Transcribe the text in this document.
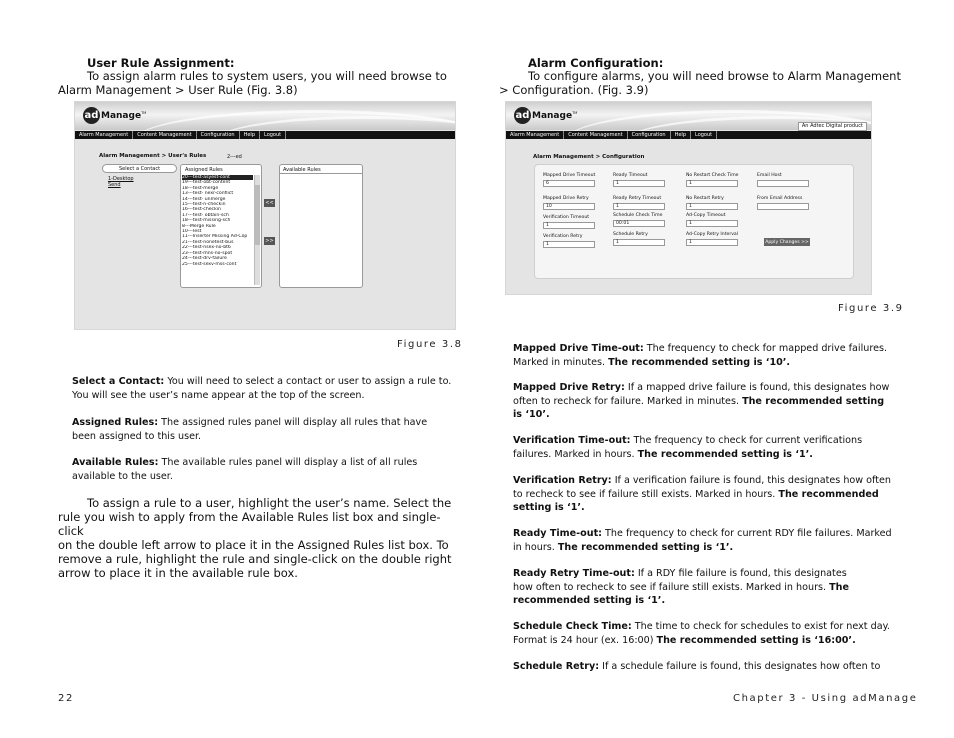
User Rule Assignment:
To assign alarm rules to system users, you will need browse to
Alarm Management > User Rule (Fig. 3.8)
ad Manage TM
Alarm Management	Content Management	Configuration	Help	Logout
Alarm Management > User's Rules	2---ed
Select a Contact
1-Desktop
Send
Assigned Rules
20---test-asyest-cont
19---test-obt-content
18---test-merge
13---test- nexr-conflict
14---test- unmerge
15---test-n-checkin
16---test-checkin
17---test- obtain-sch
18---test-missing-sch
8---Merge Rule
10---Test
11---Inserter Missing Ad-Cop
21---test-nonetest-bus
22---test-nsex-no-bt6
23---test-mns-no-spot
24---test-drv-failure
25---test-sexv-mss-cont
<<
>>
Available Rules
Figure 3.8
Select a Contact: You will need to select a contact or user to assign a rule to.
You will see the user’s name appear at the top of the screen.
Assigned Rules: The assigned rules panel will display all rules that have
been assigned to this user.
Available Rules: The available rules panel will display a list of all rules
available to the user.
To assign a rule to a user, highlight the user’s name. Select the
rule you wish to apply from the Available Rules list box and single-click
on the double left arrow to place it in the Assigned Rules list box. To
remove a rule, highlight the rule and single-click on the double right
arrow to place it in the available rule box.
Alarm Configuration:
To configure alarms, you will need browse to Alarm Management
> Configuration. (Fig. 3.9)
ad Manage TM
An Adtec Digital product
Alarm Management	Content Management	Configuration	Help	Logout
Alarm Management > Configuration
Mapped Drive Timeout
6
Ready Timeout
1
No Restart Check Time
1
Email Host
Mapped Drive Retry
10
Ready Retry Timeout
1
No Restart Retry
1
From Email Address
Verification Timeout
1
Schedule Check Time
00:01
Ad-Copy Timeout
1
Verification Retry
1
Schedule Retry
1
Ad-Copy Retry Interval
1	Apply Changes >>
Figure 3.9
Mapped Drive Time-out: The frequency to check for mapped drive failures.
Marked in minutes. The recommended setting is ‘10’.
Mapped Drive Retry: If a mapped drive failure is found, this designates how
often to recheck for failure. Marked in minutes. The recommended setting
is ‘10’.
Verification Time-out: The frequency to check for current verifications
failures. Marked in hours. The recommended setting is ‘1’.
Verification Retry: If a verification failure is found, this designates how often
to recheck to see if failure still exists. Marked in hours. The recommended
setting is ‘1’.
Ready Time-out: The frequency to check for current RDY file failures. Marked
in hours. The recommended setting is ‘1’.
Ready Retry Time-out: If a RDY file failure is found, this designates
how often to recheck to see if failure still exists. Marked in hours. The
recommended setting is ‘1’.
Schedule Check Time: The time to check for schedules to exist for next day.
Format is 24 hour (ex. 16:00) The recommended setting is ‘16:00’.
Schedule Retry: If a schedule failure is found, this designates how often to
22	Chapter 3 - Using adManage
